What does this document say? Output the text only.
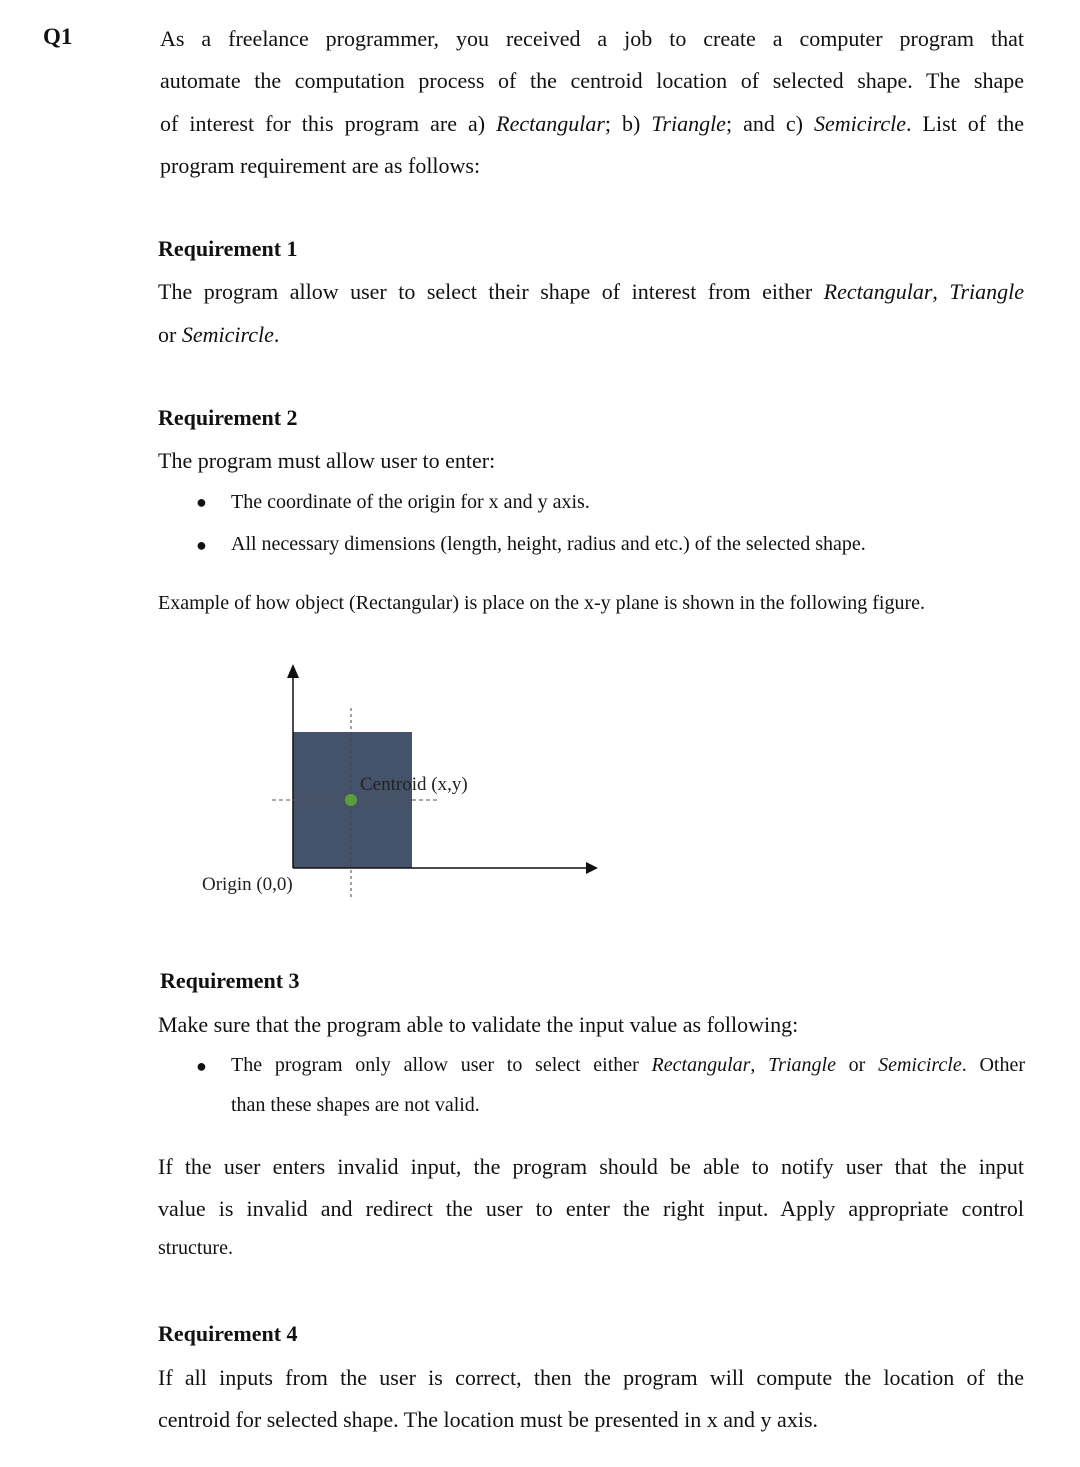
Q1	As a freelance programmer, you received a job to create a computer program that
automate the computation process of the centroid location of selected shape. The shape
of interest for this program are a) Rectangular; b) Triangle; and c) Semicircle. List of the
program requirement are as follows:
Requirement 1
The program allow user to select their shape of interest from either Rectangular, Triangle
or Semicircle.
Requirement 2
The program must allow user to enter:
● The coordinate of the origin for x and y axis.
● All necessary dimensions (length, height, radius and etc.) of the selected shape.
Example of how object (Rectangular) is place on the x-y plane is shown in the following figure.
Centroid (x,y)
Origin (0,0)
Requirement 3
Make sure that the program able to validate the input value as following:
● The program only allow user to select either Rectangular, Triangle or Semicircle. Other
than these shapes are not valid.
If the user enters invalid input, the program should be able to notify user that the input
value is invalid and redirect the user to enter the right input. Apply appropriate control
structure.
Requirement 4
If all inputs from the user is correct, then the program will compute the location of the
centroid for selected shape. The location must be presented in x and y axis.
